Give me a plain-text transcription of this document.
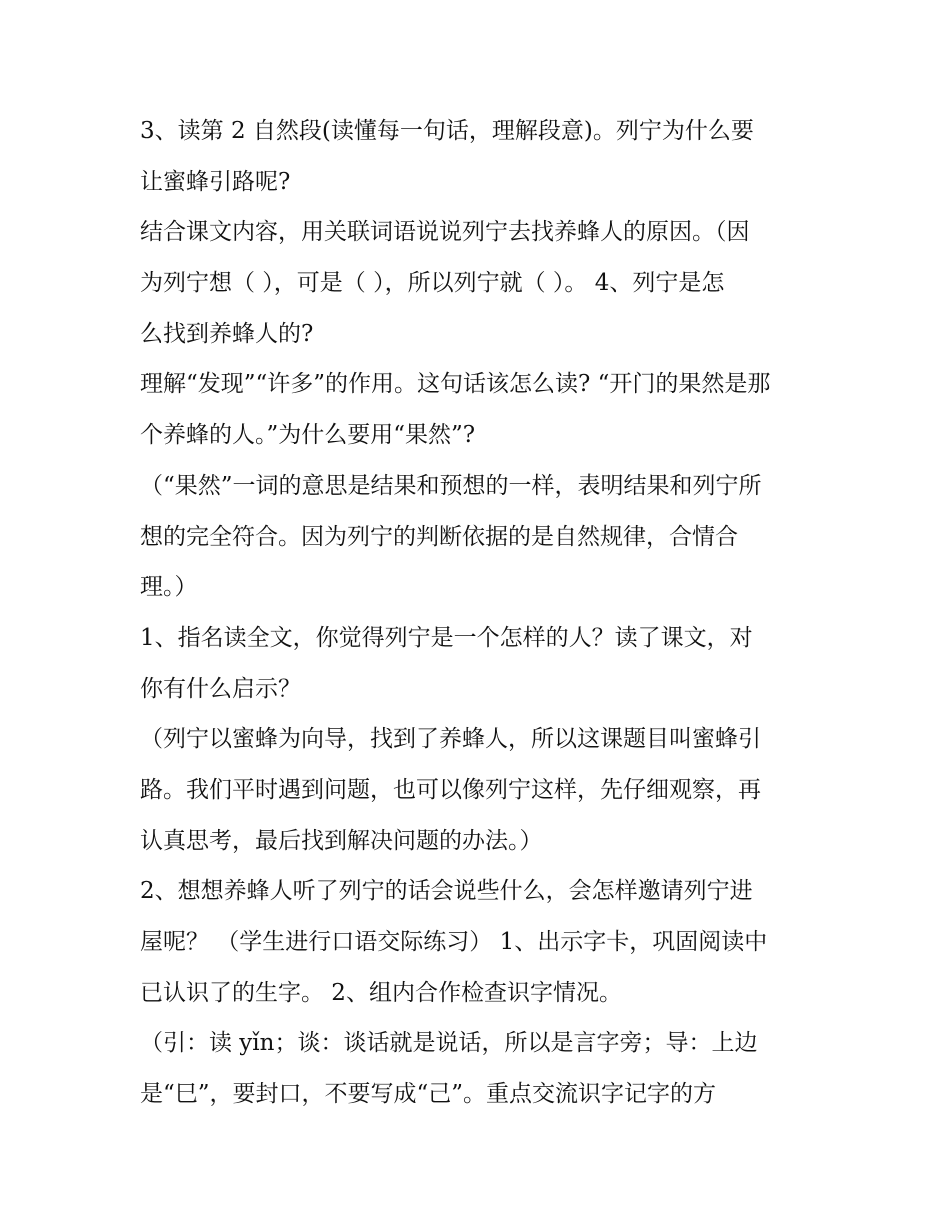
3、读第 2 自然段(读懂每一句话，理解段意)。列宁为什么要
让蜜蜂引路呢?
结合课文内容，用关联词语说说列宁去找养蜂人的原因。（因
为列宁想（ ），可是（ ），所以列宁就（ ）。 4、列宁是怎
么找到养蜂人的?
理解“发现”“许多”的作用。这句话该怎么读? “开门的果然是那
个养蜂的人。”为什么要用“果然”?
（“果然”一词的意思是结果和预想的一样，表明结果和列宁所
想的完全符合。因为列宁的判断依据的是自然规律，合情合
理。）
1、指名读全文，你觉得列宁是一个怎样的人？读了课文，对
你有什么启示？
（列宁以蜜蜂为向导，找到了养蜂人，所以这课题目叫蜜蜂引
路。我们平时遇到问题，也可以像列宁这样，先仔细观察，再
认真思考，最后找到解决问题的办法。）
2、想想养蜂人听了列宁的话会说些什么，会怎样邀请列宁进
屋呢？ （学生进行口语交际练习） 1、出示字卡，巩固阅读中
已认识了的生字。 2、组内合作检查识字情况。
（引：读 yǐn；谈：谈话就是说话，所以是言字旁；导：上边
是“巳”，要封口，不要写成“己”。重点交流识字记字的方
